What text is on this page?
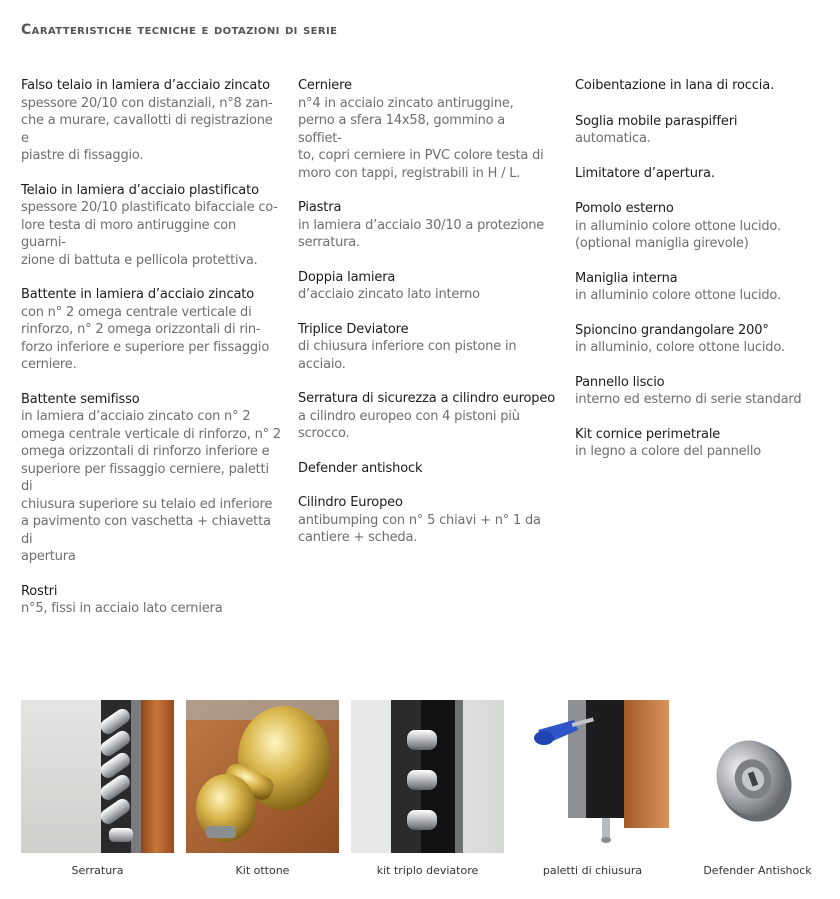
Caratteristiche tecniche e dotazioni di serie
Falso telaio in lamiera d’acciaio zincato
spessore 20/10 con distanziali, n°8 zan-
che a murare, cavallotti di registrazione e
piastre di fissaggio.
Telaio in lamiera d’acciaio plastificato
spessore 20/10 plastificato bifacciale co-
lore testa di moro antiruggine con guarni-
zione di battuta e pellicola protettiva.
Battente in lamiera d’acciaio zincato
con n° 2 omega centrale verticale di
rinforzo, n° 2 omega orizzontali di rin-
forzo inferiore e superiore per fissaggio
cerniere.
Battente semifisso
in lamiera d’acciaio zincato con n° 2
omega centrale verticale di rinforzo, n° 2
omega orizzontali di rinforzo inferiore e
superiore per fissaggio cerniere, paletti di
chiusura superiore su telaio ed inferiore
a pavimento con vaschetta + chiavetta di
apertura
Rostri
n°5, fissi in acciaio lato cerniera
Cerniere
n°4 in acciaio zincato antiruggine,
perno a sfera 14x58, gommino a soffiet-
to, copri cerniere in PVC colore testa di
moro con tappi, registrabili in H / L.
Piastra
in lamiera d’acciaio 30/10 a protezione
serratura.
Doppia lamiera
d’acciaio zincato lato interno
Triplice Deviatore
di chiusura inferiore con pistone in
acciaio.
Serratura di sicurezza a cilindro europeo
a cilindro europeo con 4 pistoni più
scrocco.
Defender antishock
Cilindro Europeo
antibumping con n° 5 chiavi + n° 1 da
cantiere + scheda.
Coibentazione in lana di roccia.
Soglia mobile paraspifferi
automatica.
Limitatore d’apertura.
Pomolo esterno
in alluminio colore ottone lucido.
(optional maniglia girevole)
Maniglia interna
in alluminio colore ottone lucido.
Spioncino grandangolare 200°
in alluminio, colore ottone lucido.
Pannello liscio
interno ed esterno di serie standard
Kit cornice perimetrale
in legno a colore del pannello
Serratura	Kit ottone	kit triplo deviatore	paletti di chiusura	Defender Antishock
